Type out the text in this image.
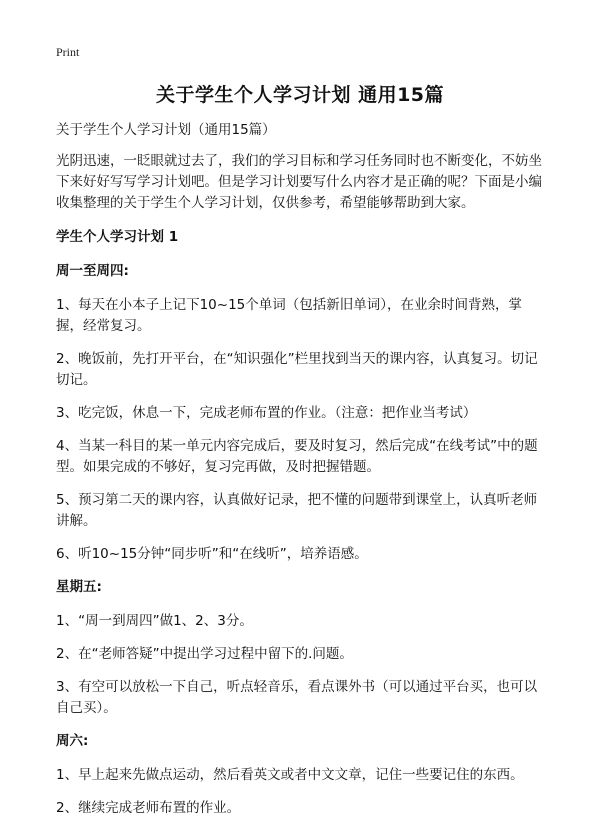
Print
关于学生个人学习计划 通用15篇

关于学生个人学习计划（通用15篇）

光阴迅速，一眨眼就过去了，我们的学习目标和学习任务同时也不断变化，不妨坐下来好好写写学习计划吧。但是学习计划要写什么内容才是正确的呢？下面是小编收集整理的关于学生个人学习计划，仅供参考，希望能够帮助到大家。

学生个人学习计划 1

周一至周四:

1、每天在小本子上记下10~15个单词（包括新旧单词），在业余时间背熟，掌握，经常复习。

2、晚饭前，先打开平台，在“知识强化”栏里找到当天的课内容，认真复习。切记切记。

3、吃完饭，休息一下，完成老师布置的作业。（注意：把作业当考试）

4、当某一科目的某一单元内容完成后，要及时复习，然后完成“在线考试”中的题型。如果完成的不够好，复习完再做，及时把握错题。

5、预习第二天的课内容，认真做好记录，把不懂的问题带到课堂上，认真听老师讲解。

6、听10~15分钟“同步听”和“在线听”，培养语感。

星期五:

1、“周一到周四”做1、2、3分。

2、在“老师答疑”中提出学习过程中留下的.问题。

3、有空可以放松一下自己，听点轻音乐，看点课外书（可以通过平台买，也可以自己买）。

周六:

1、早上起来先做点运动，然后看英文或者中文文章，记住一些要记住的东西。

2、继续完成老师布置的作业。
